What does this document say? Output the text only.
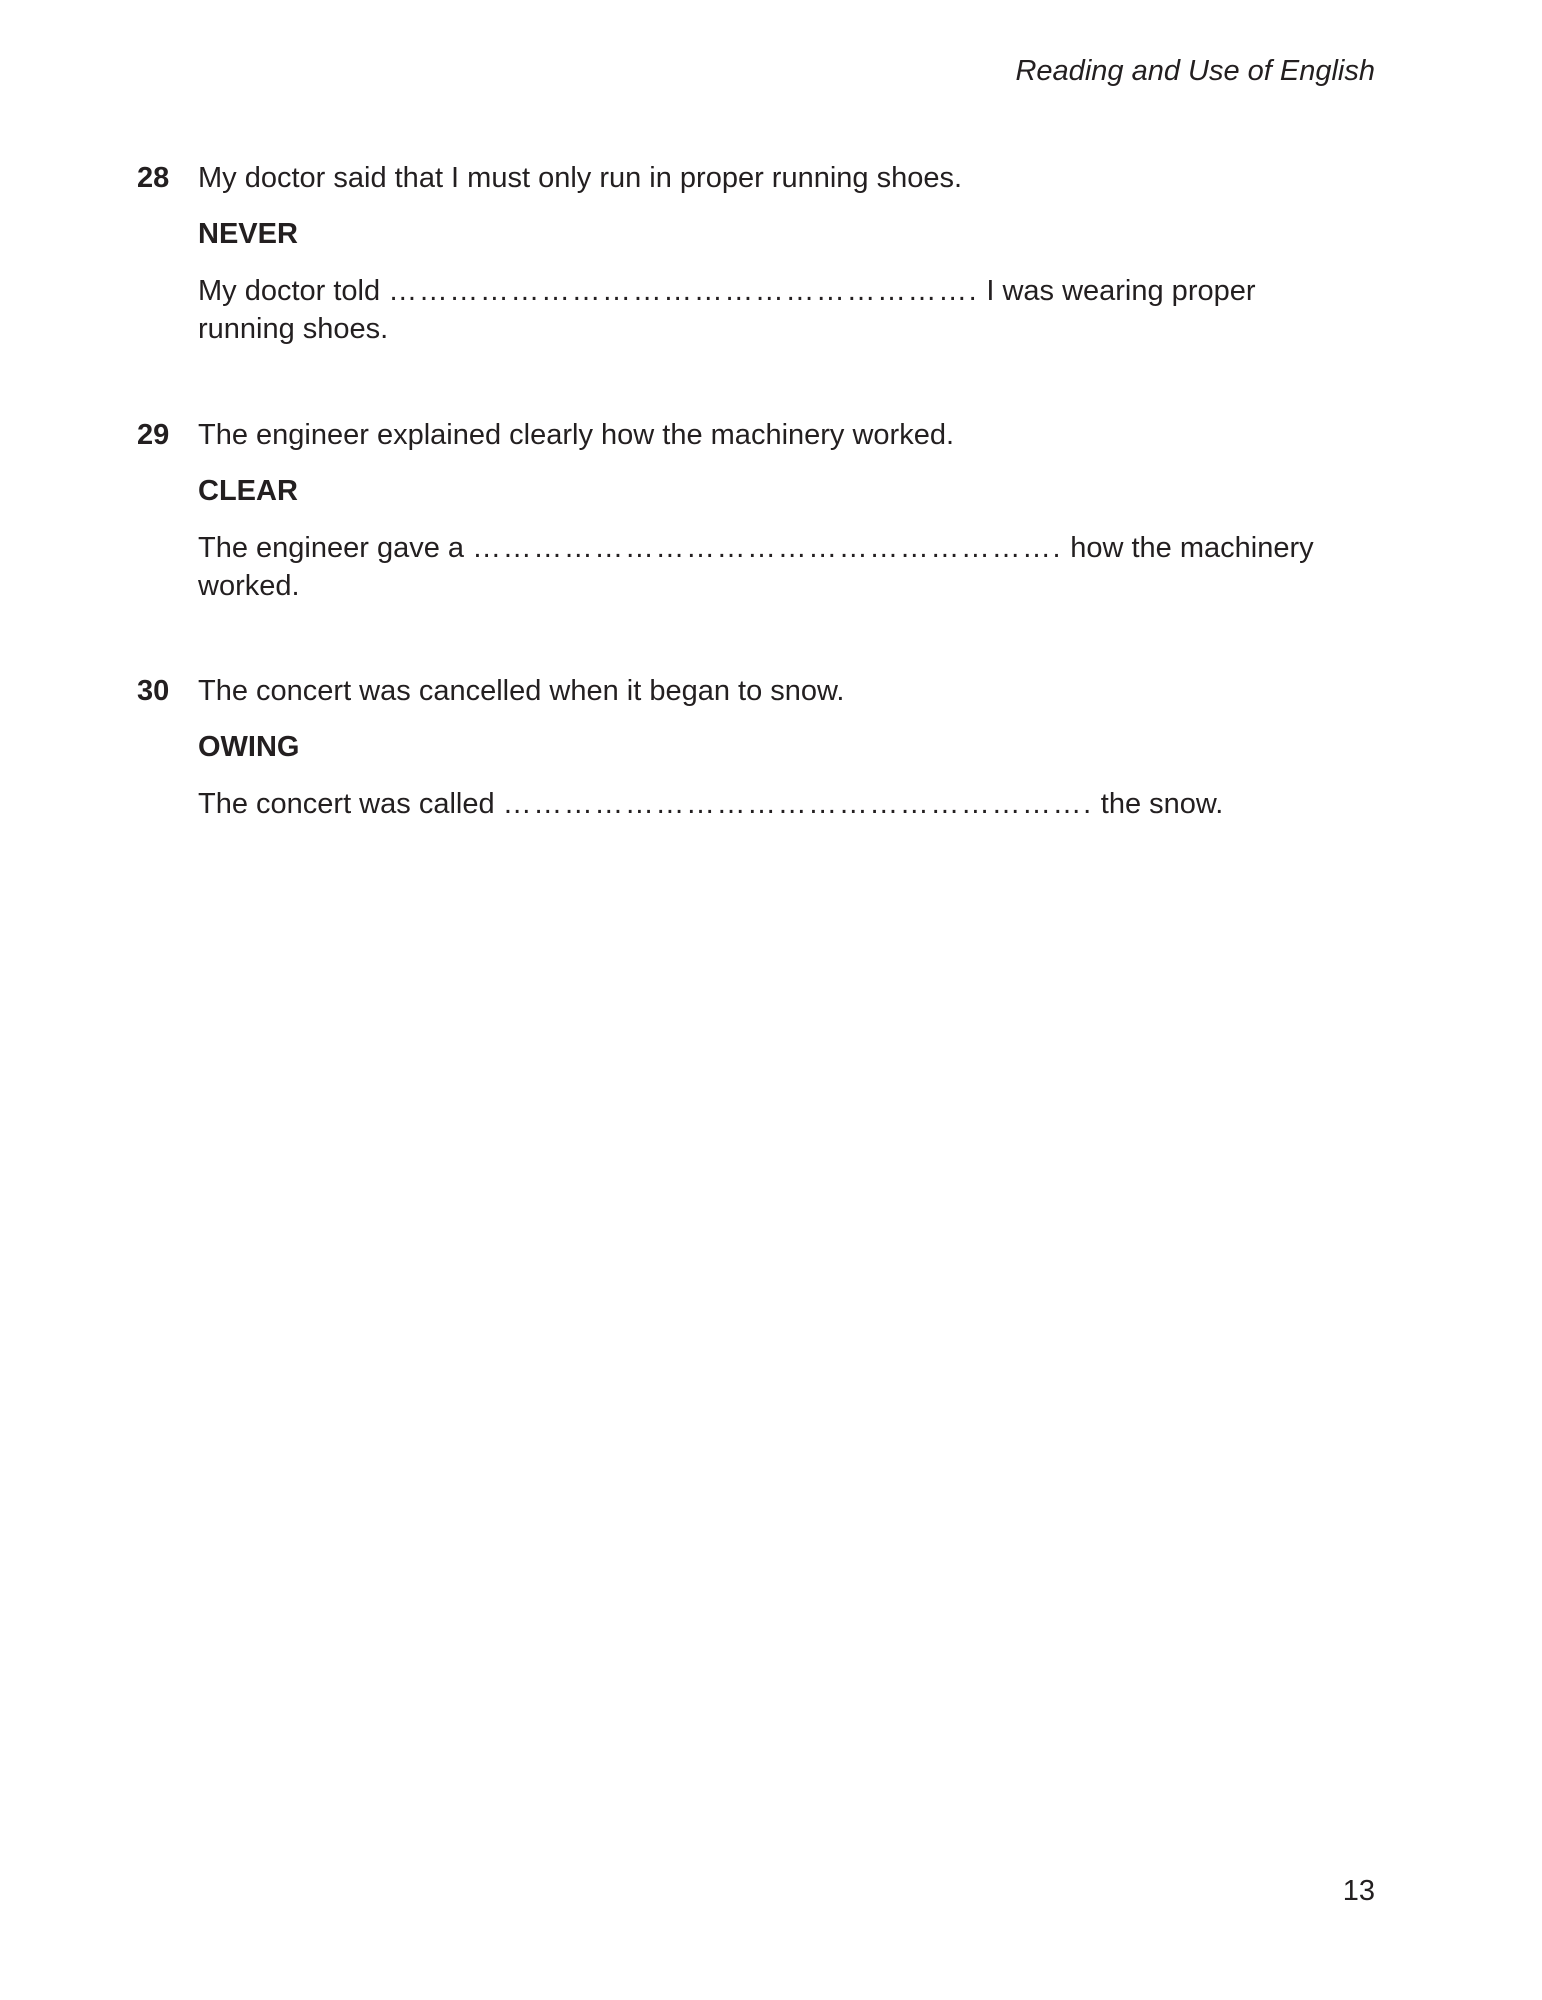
Reading and Use of English
28 My doctor said that I must only run in proper running shoes.
NEVER
My doctor told …………………………………………………. I was wearing proper running shoes.
29 The engineer explained clearly how the machinery worked.
CLEAR
The engineer gave a …………………………………………………. how the machinery worked.
30 The concert was cancelled when it began to snow.
OWING
The concert was called …………………………………………………. the snow.
13
